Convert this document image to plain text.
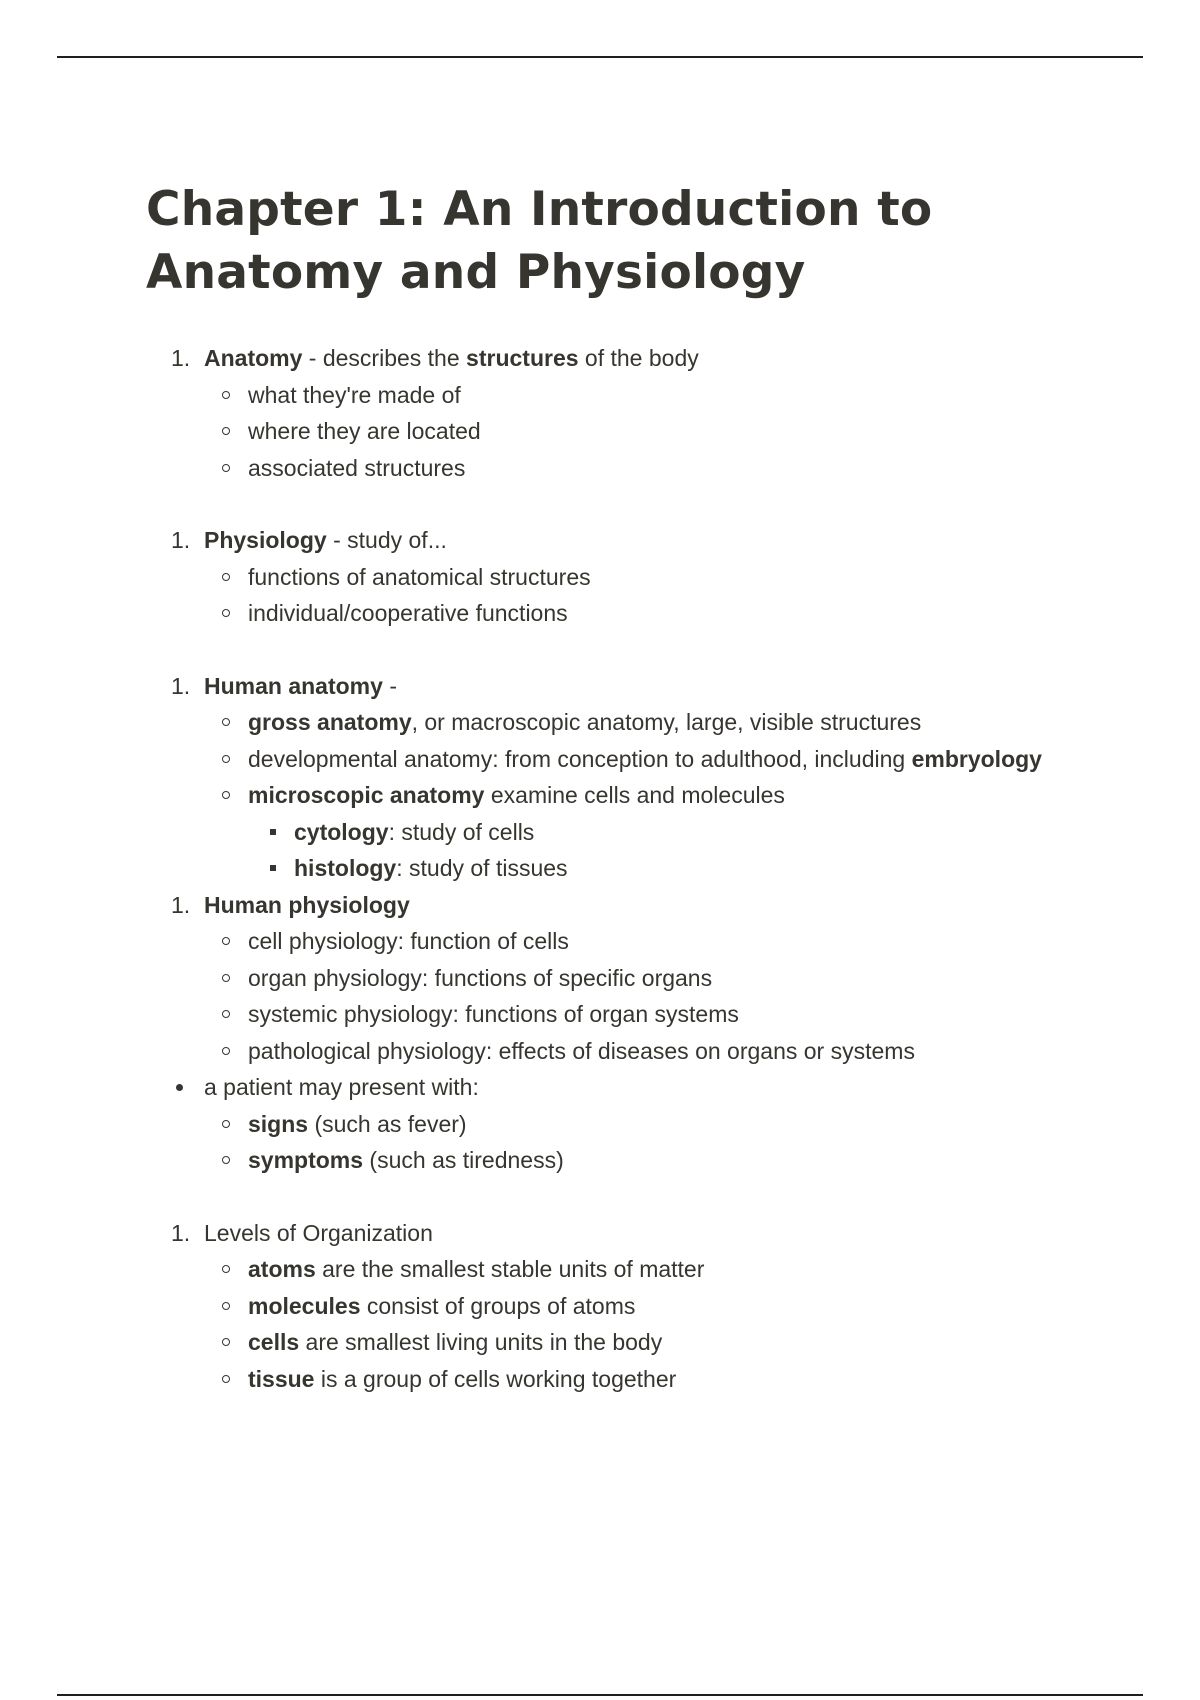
Chapter 1: An Introduction to Anatomy and Physiology
1. Anatomy - describes the structures of the body
what they're made of
where they are located
associated structures
1. Physiology - study of...
functions of anatomical structures
individual/cooperative functions
1. Human anatomy -
gross anatomy, or macroscopic anatomy, large, visible structures
developmental anatomy: from conception to adulthood, including embryology
microscopic anatomy examine cells and molecules
cytology: study of cells
histology: study of tissues
1. Human physiology
cell physiology: function of cells
organ physiology: functions of specific organs
systemic physiology: functions of organ systems
pathological physiology: effects of diseases on organs or systems
a patient may present with:
signs (such as fever)
symptoms (such as tiredness)
1. Levels of Organization
atoms are the smallest stable units of matter
molecules consist of groups of atoms
cells are smallest living units in the body
tissue is a group of cells working together
